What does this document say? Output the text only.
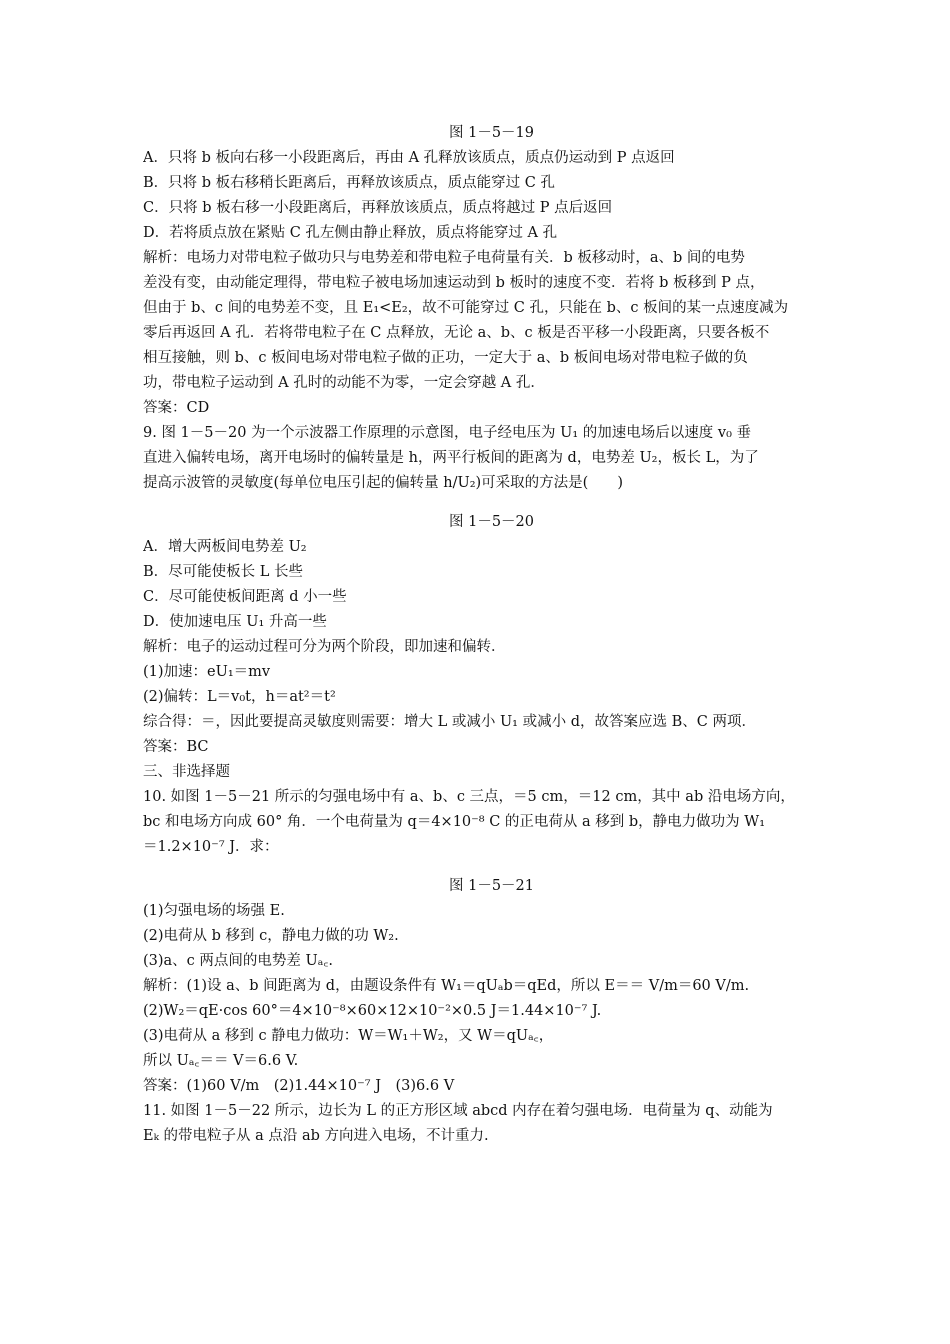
图 1－5－19
A．只将 b 板向右移一小段距离后，再由 A 孔释放该质点，质点仍运动到 P 点返回
B．只将 b 板右移稍长距离后，再释放该质点，质点能穿过 C 孔
C．只将 b 板右移一小段距离后，再释放该质点，质点将越过 P 点后返回
D．若将质点放在紧贴 C 孔左侧由静止释放，质点将能穿过 A 孔
解析：电场力对带电粒子做功只与电势差和带电粒子电荷量有关．b 板移动时，a、b 间的电势
差没有变，由动能定理得，带电粒子被电场加速运动到 b 板时的速度不变．若将 b 板移到 P 点，
但由于 b、c 间的电势差不变，且 E₁<E₂，故不可能穿过 C 孔，只能在 b、c 板间的某一点速度减为
零后再返回 A 孔．若将带电粒子在 C 点释放，无论 a、b、c 板是否平移一小段距离，只要各板不
相互接触，则 b、c 板间电场对带电粒子做的正功，一定大于 a、b 板间电场对带电粒子做的负
功，带电粒子运动到 A 孔时的动能不为零，一定会穿越 A 孔．
答案：CD
9. 图 1－5－20 为一个示波器工作原理的示意图，电子经电压为 U₁ 的加速电场后以速度 v₀ 垂
直进入偏转电场，离开电场时的偏转量是 h，两平行板间的距离为 d，电势差 U₂，板长 L，为了
提高示波管的灵敏度(每单位电压引起的偏转量 h/U₂)可采取的方法是(　　)
图 1－5－20
A．增大两板间电势差 U₂
B．尽可能使板长 L 长些
C．尽可能使板间距离 d 小一些
D．使加速电压 U₁ 升高一些
解析：电子的运动过程可分为两个阶段，即加速和偏转．
(1)加速：eU₁＝mv
(2)偏转：L＝v₀t，h＝at²＝t²
综合得：＝，因此要提高灵敏度则需要：增大 L 或减小 U₁ 或减小 d，故答案应选 B、C 两项．
答案：BC
三、非选择题
10. 如图 1－5－21 所示的匀强电场中有 a、b、c 三点，＝5 cm，＝12 cm，其中 ab 沿电场方向，
bc 和电场方向成 60° 角．一个电荷量为 q＝4×10⁻⁸ C 的正电荷从 a 移到 b，静电力做功为 W₁
＝1.2×10⁻⁷ J．求：
图 1－5－21
(1)匀强电场的场强 E.
(2)电荷从 b 移到 c，静电力做的功 W₂.
(3)a、c 两点间的电势差 Uₐ꜀.
解析：(1)设 a、b 间距离为 d，由题设条件有 W₁＝qUₐb＝qEd，所以 E＝＝ V/m＝60 V/m.
(2)W₂＝qE·cos 60°＝4×10⁻⁸×60×12×10⁻²×0.5 J＝1.44×10⁻⁷ J.
(3)电荷从 a 移到 c 静电力做功：W＝W₁＋W₂，又 W＝qUₐ꜀，
所以 Uₐ꜀＝＝ V＝6.6 V.
答案：(1)60 V/m　(2)1.44×10⁻⁷ J　(3)6.6 V
11. 如图 1－5－22 所示，边长为 L 的正方形区域 abcd 内存在着匀强电场．电荷量为 q、动能为
Eₖ 的带电粒子从 a 点沿 ab 方向进入电场，不计重力.
